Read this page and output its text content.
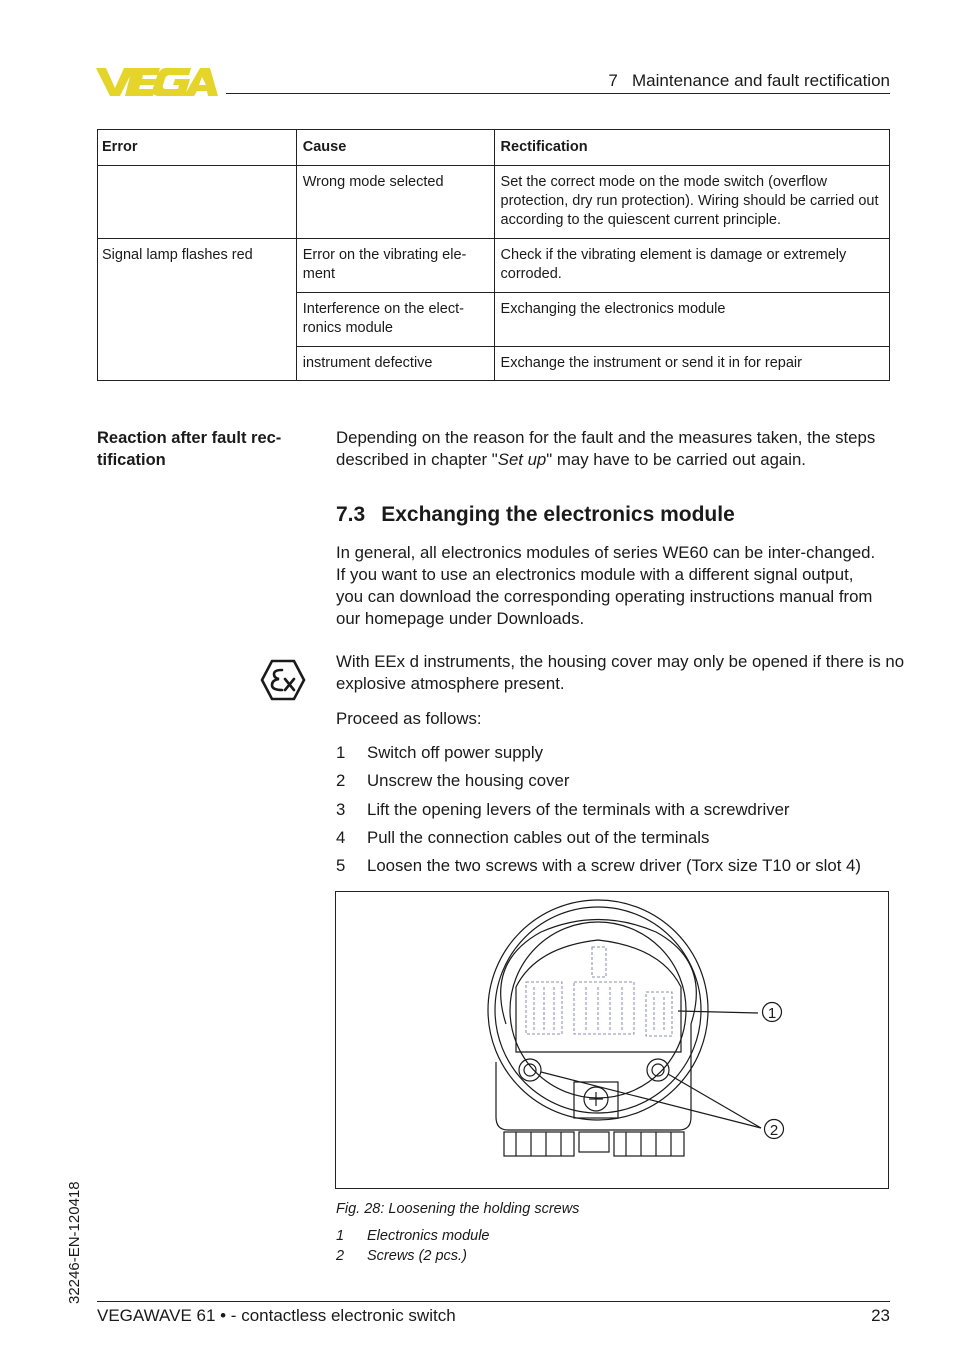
7   Maintenance and fault rectification
Error	Cause	Rectification
	Wrong mode selected	Set the correct mode on the mode switch (overflow protection, dry run protection). Wiring should be carried out according to the quiescent current principle.
Signal lamp flashes red	Error on the vibrating ele-ment	Check if the vibrating element is damage or extremely corroded.
	Interference on the elect-ronics module	Exchanging the electronics module
	instrument defective	Exchange the instrument or send it in for repair
Reaction after fault rec-tification
Depending on the reason for the fault and the measures taken, the steps described in chapter "Set up" may have to be carried out again.
7.3 Exchanging the electronics module
In general, all electronics modules of series WE60 can be inter-changed. If you want to use an electronics module with a different signal output, you can download the corresponding operating instructions manual from our homepage under Downloads.
With EEx d instruments, the housing cover may only be opened if there is no explosive atmosphere present.
Proceed as follows:
1 Switch off power supply
2 Unscrew the housing cover
3 Lift the opening levers of the terminals with a screwdriver
4 Pull the connection cables out of the terminals
5 Loosen the two screws with a screw driver (Torx size T10 or slot 4)
1
2
Fig. 28: Loosening the holding screws
1 Electronics module
2 Screws (2 pcs.)
32246-EN-120418
VEGAWAVE 61 • - contactless electronic switch	23
